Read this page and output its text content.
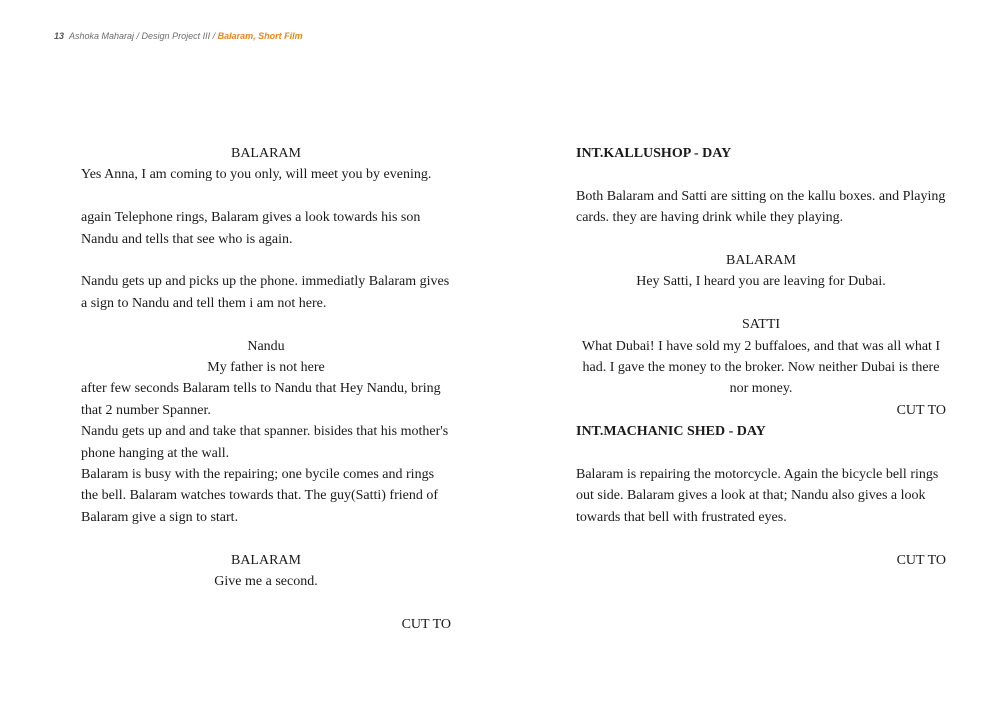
13 Ashoka Maharaj / Design Project III / Balaram, Short Film

BALARAM

Yes Anna, I am coming to you only, will meet you by evening.

again Telephone rings, Balaram gives a look towards his son Nandu and tells that see who is again.

Nandu gets up and picks up the phone. immediatly Balaram gives a sign to Nandu and tell them i am not here.

Nandu

My father is not here

after few seconds Balaram tells to Nandu that Hey Nandu, bring that 2 number Spanner.

Nandu gets up and and take that spanner. bisides that his mother's phone hanging at the wall.

Balaram is busy with the repairing; one bycile comes and rings the bell. Balaram watches towards that. The guy(Satti) friend of Balaram give a sign to start.

BALARAM

Give me a second.

CUT TO

INT.KALLUSHOP - DAY

Both Balaram and Satti are sitting on the kallu boxes. and Playing cards. they are having drink while they playing.

BALARAM

Hey Satti, I heard you are leaving for Dubai.

SATTI

What Dubai! I have sold my 2 buffaloes, and that was all what I had. I gave the money to the broker. Now neither Dubai is there nor money.

CUT TO

INT.MACHANIC SHED - DAY

Balaram is repairing the motorcycle. Again the bicycle bell rings out side. Balaram gives a look at that; Nandu also gives a look towards that bell with frustrated eyes.

CUT TO
